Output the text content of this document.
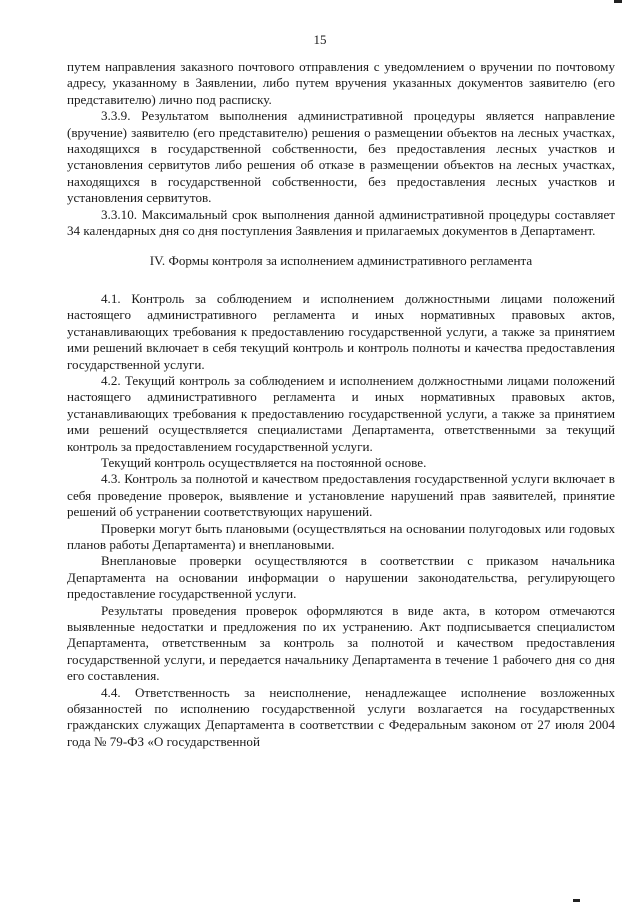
15

путем направления заказного почтового отправления с уведомлением о вручении по почтовому адресу, указанному в Заявлении, либо путем вручения указанных документов заявителю (его представителю) лично под расписку.

3.3.9. Результатом выполнения административной процедуры является направление (вручение) заявителю (его представителю) решения о размещении объектов на лесных участках, находящихся в государственной собственности, без предоставления лесных участков и установления сервитутов либо решения об отказе в размещении объектов на лесных участках, находящихся в государственной собственности, без предоставления лесных участков и установления сервитутов.

3.3.10. Максимальный срок выполнения данной административной процедуры составляет 34 календарных дня со дня поступления Заявления и прилагаемых документов в Департамент.

IV. Формы контроля за исполнением административного регламента

4.1. Контроль за соблюдением и исполнением должностными лицами положений настоящего административного регламента и иных нормативных правовых актов, устанавливающих требования к предоставлению государственной услуги, а также за принятием ими решений включает в себя текущий контроль и контроль полноты и качества предоставления государственной услуги.

4.2. Текущий контроль за соблюдением и исполнением должностными лицами положений настоящего административного регламента и иных нормативных правовых актов, устанавливающих требования к предоставлению государственной услуги, а также за принятием ими решений осуществляется специалистами Департамента, ответственными за текущий контроль за предоставлением государственной услуги.

Текущий контроль осуществляется на постоянной основе.

4.3. Контроль за полнотой и качеством предоставления государственной услуги включает в себя проведение проверок, выявление и установление нарушений прав заявителей, принятие решений об устранении соответствующих нарушений.

Проверки могут быть плановыми (осуществляться на основании полугодовых или годовых планов работы Департамента) и внеплановыми.

Внеплановые проверки осуществляются в соответствии с приказом начальника Департамента на основании информации о нарушении законодательства, регулирующего предоставление государственной услуги.

Результаты проведения проверок оформляются в виде акта, в котором отмечаются выявленные недостатки и предложения по их устранению. Акт подписывается специалистом Департамента, ответственным за контроль за полнотой и качеством предоставления государственной услуги, и передается начальнику Департамента в течение 1 рабочего дня со дня его составления.

4.4. Ответственность за неисполнение, ненадлежащее исполнение возложенных обязанностей по исполнению государственной услуги возлагается на государственных гражданских служащих Департамента в соответствии с Федеральным законом от 27 июля 2004 года № 79-ФЗ «О государственной
